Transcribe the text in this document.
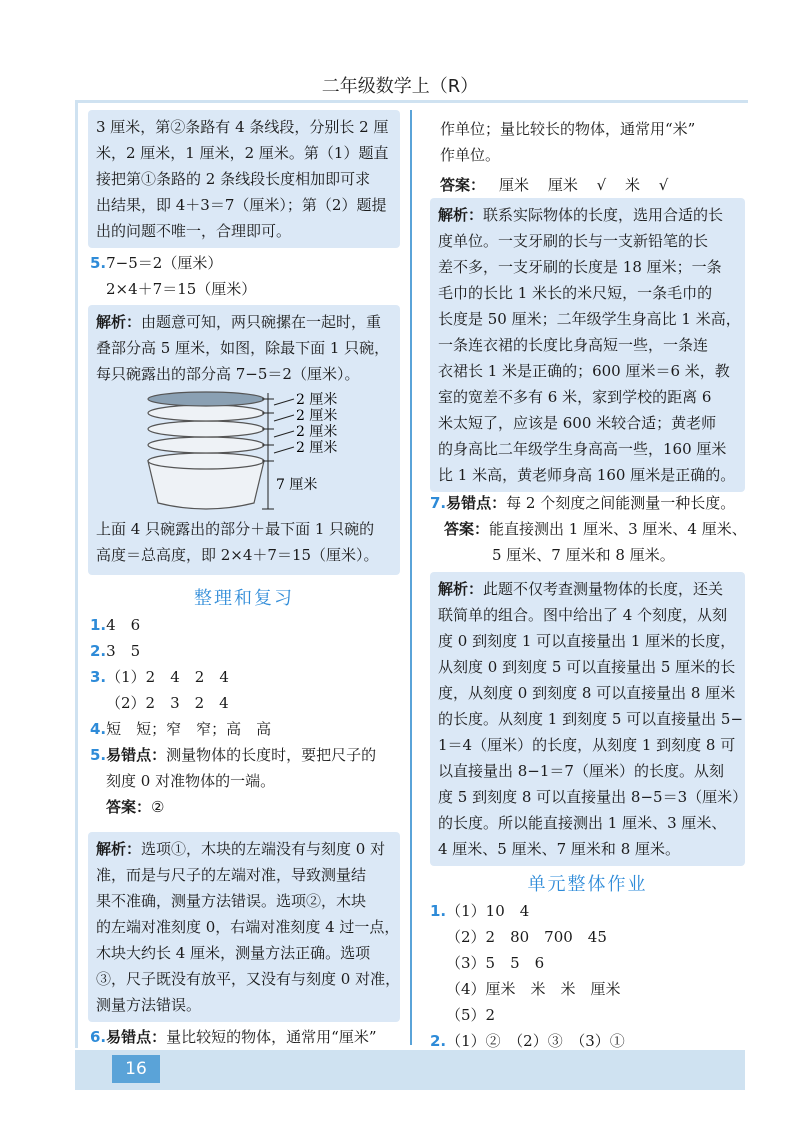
二年级数学上（R）
3 厘米，第②条路有 4 条线段，分别长 2 厘
米，2 厘米，1 厘米，2 厘米。第（1）题直
接把第①条路的 2 条线段长度相加即可求
出结果，即 4＋3＝7（厘米）；第（2）题提
出的问题不唯一，合理即可。
5.7−5＝2（厘米）
2×4＋7＝15（厘米）
解析：由题意可知，两只碗摞在一起时，重
叠部分高 5 厘米，如图，除最下面 1 只碗，
每只碗露出的部分高 7−5＝2（厘米）。
2 厘米
2 厘米
2 厘米
2 厘米
7 厘米
上面 4 只碗露出的部分＋最下面 1 只碗的
高度＝总高度，即 2×4＋7＝15（厘米）。
整理和复习
1.4　6
2.3　5
3.（1）2　4　2　4
（2）2　3　2　4
4.短　短；窄　窄；高　高
5.易错点：测量物体的长度时，要把尺子的
刻度 0 对准物体的一端。
答案：②
解析：选项①，木块的左端没有与刻度 0 对
准，而是与尺子的左端对准，导致测量结
果不准确，测量方法错误。选项②，木块
的左端对准刻度 0，右端对准刻度 4 过一点，
木块大约长 4 厘米，测量方法正确。选项
③，尺子既没有放平，又没有与刻度 0 对准，
测量方法错误。
6.易错点：量比较短的物体，通常用“厘米”
作单位；量比较长的物体，通常用“米”
作单位。
答案： 厘米 厘米 √ 米 √
解析：联系实际物体的长度，选用合适的长
度单位。一支牙刷的长与一支新铅笔的长
差不多，一支牙刷的长度是 18 厘米；一条
毛巾的长比 1 米长的米尺短，一条毛巾的
长度是 50 厘米；二年级学生身高比 1 米高，
一条连衣裙的长度比身高短一些，一条连
衣裙长 1 米是正确的；600 厘米＝6 米，教
室的宽差不多有 6 米，家到学校的距离 6
米太短了，应该是 600 米较合适；黄老师
的身高比二年级学生身高高一些，160 厘米
比 1 米高，黄老师身高 160 厘米是正确的。
7.易错点：每 2 个刻度之间能测量一种长度。
答案：能直接测出 1 厘米、3 厘米、4 厘米、
5 厘米、7 厘米和 8 厘米。
解析：此题不仅考查测量物体的长度，还关
联简单的组合。图中给出了 4 个刻度，从刻
度 0 到刻度 1 可以直接量出 1 厘米的长度，
从刻度 0 到刻度 5 可以直接量出 5 厘米的长
度，从刻度 0 到刻度 8 可以直接量出 8 厘米
的长度。从刻度 1 到刻度 5 可以直接量出 5−
1＝4（厘米）的长度，从刻度 1 到刻度 8 可
以直接量出 8−1＝7（厘米）的长度。从刻
度 5 到刻度 8 可以直接量出 8−5＝3（厘米）
的长度。所以能直接测出 1 厘米、3 厘米、
4 厘米、5 厘米、7 厘米和 8 厘米。
单元整体作业
1.（1）10　4
（2）2　80　700　45
（3）5　5　6
（4）厘米　米　米　厘米
（5）2
2.（1）②　（2）③　（3）①
16
